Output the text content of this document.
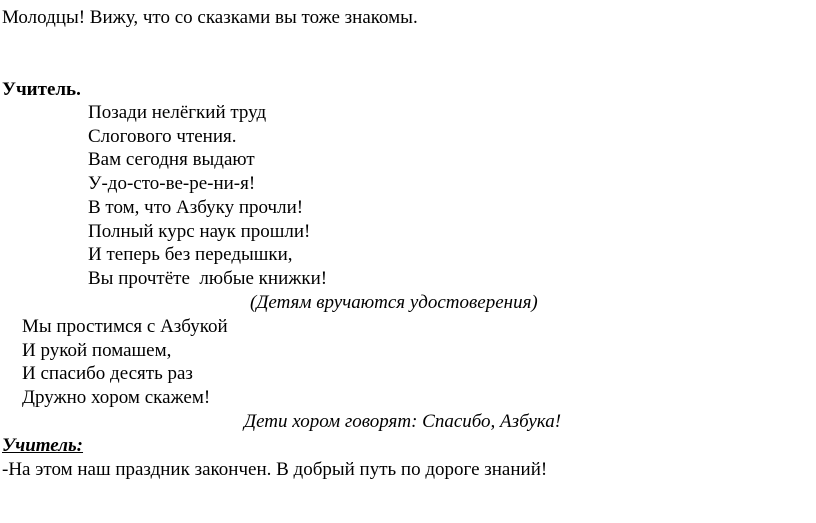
Молодцы! Вижу, что со сказками вы тоже знакомы.

Учитель.

Позади нелёгкий труд

Слогового чтения.

Вам сегодня выдают

У-до-сто-ве-ре-ни-я!

В том, что Азбуку прочли!

Полный курс наук прошли!

И теперь без передышки,

Вы прочтёте  любые книжки!

(Детям вручаются удостоверения)

Мы простимся с Азбукой

И рукой помашем,

И спасибо десять раз

Дружно хором скажем!

Дети хором говорят: Спасибо, Азбука!

Учитель:

-На этом наш праздник закончен. В добрый путь по дороге знаний!
